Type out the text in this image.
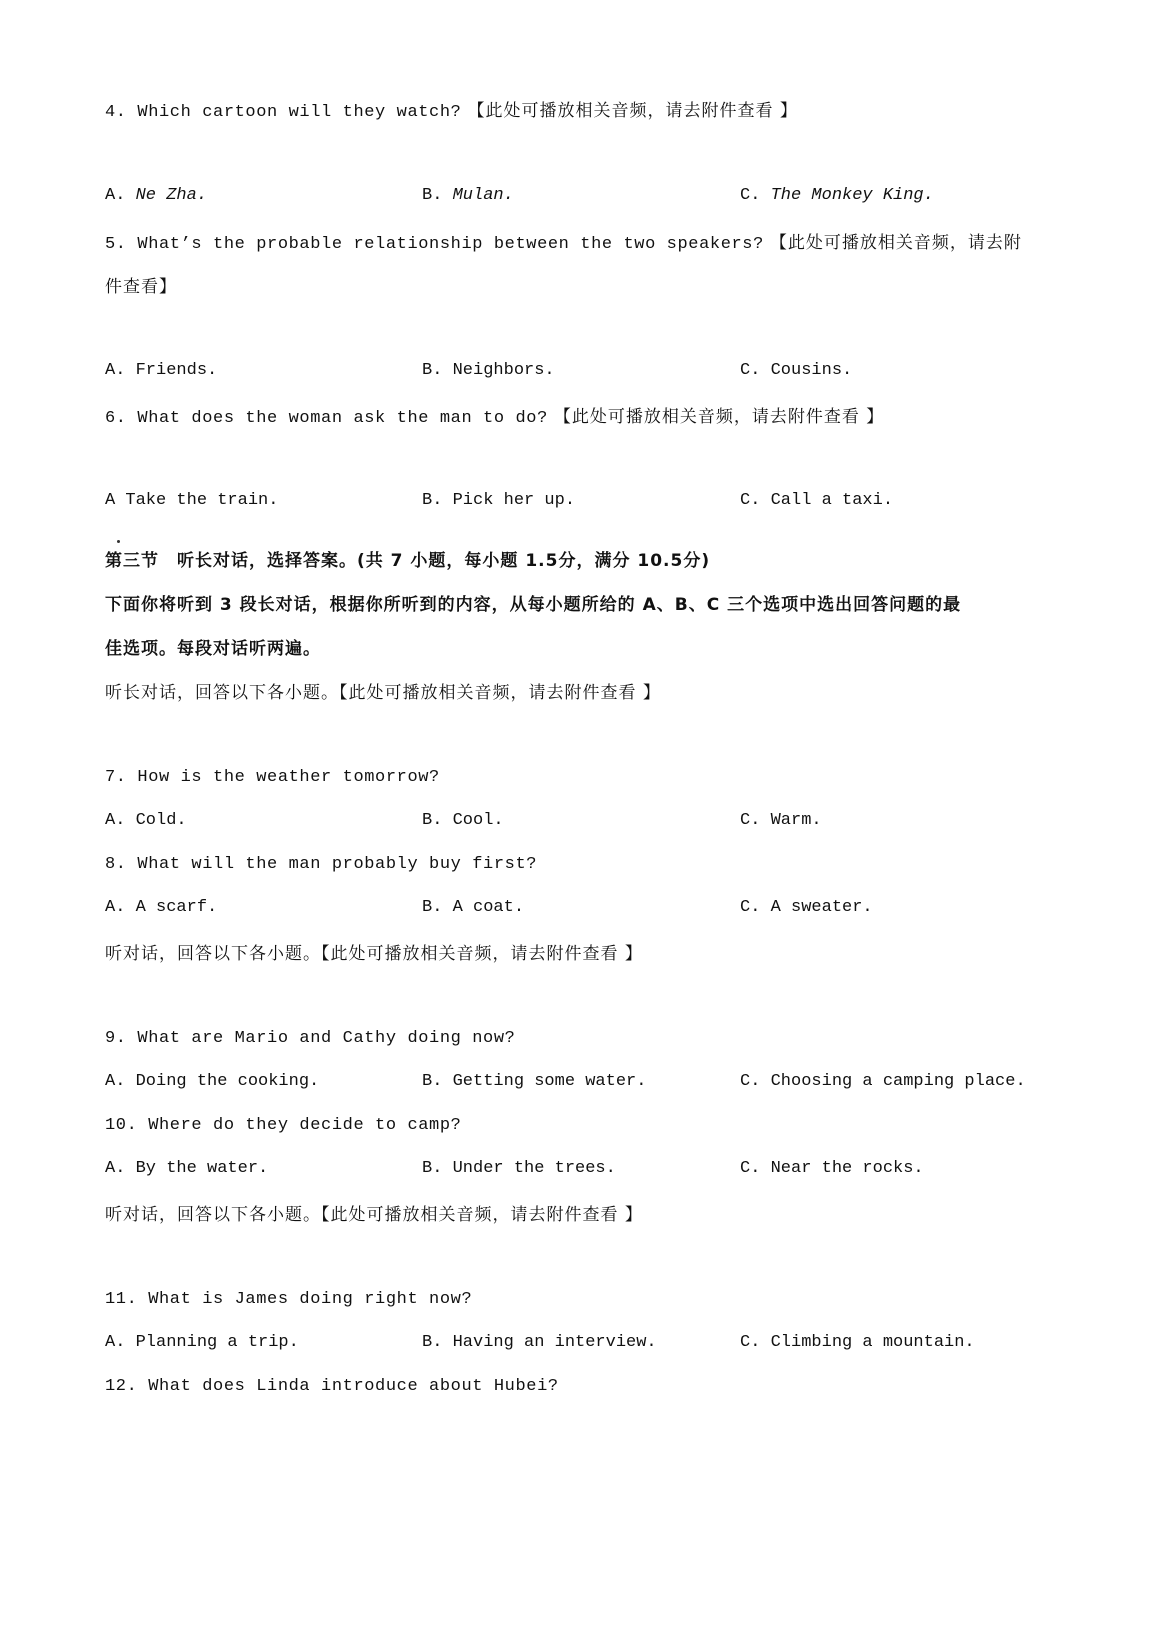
4. Which cartoon will they watch? 【此处可播放相关音频，请去附件查看 】
A. Ne Zha.	B. Mulan.	C. The Monkey King.
5. What’s the probable relationship between the two speakers? 【此处可播放相关音频，请去附
件查看】
A. Friends.	B. Neighbors.	C. Cousins.
6. What does the woman ask the man to do? 【此处可播放相关音频，请去附件查看 】
A Take the train.	B. Pick her up.	C. Call a taxi.
第三节　听长对话，选择答案。(共 7 小题，每小题 1.5分，满分 10.5分)
下面你将听到 3 段长对话，根据你所听到的内容，从每小题所给的 A、B、C 三个选项中选出回答问题的最
佳选项。每段对话听两遍。
听长对话，回答以下各小题。【此处可播放相关音频，请去附件查看 】
7. How is the weather tomorrow?
A. Cold.	B. Cool.	C. Warm.
8. What will the man probably buy first?
A. A scarf.	B. A coat.	C. A sweater.
听对话，回答以下各小题。【此处可播放相关音频，请去附件查看 】
9. What are Mario and Cathy doing now?
A. Doing the cooking.	B. Getting some water.	C. Choosing a camping place.
10. Where do they decide to camp?
A. By the water.	B. Under the trees.	C. Near the rocks.
听对话，回答以下各小题。【此处可播放相关音频，请去附件查看 】
11. What is James doing right now?
A. Planning a trip.	B. Having an interview.	C. Climbing a mountain.
12. What does Linda introduce about Hubei?
